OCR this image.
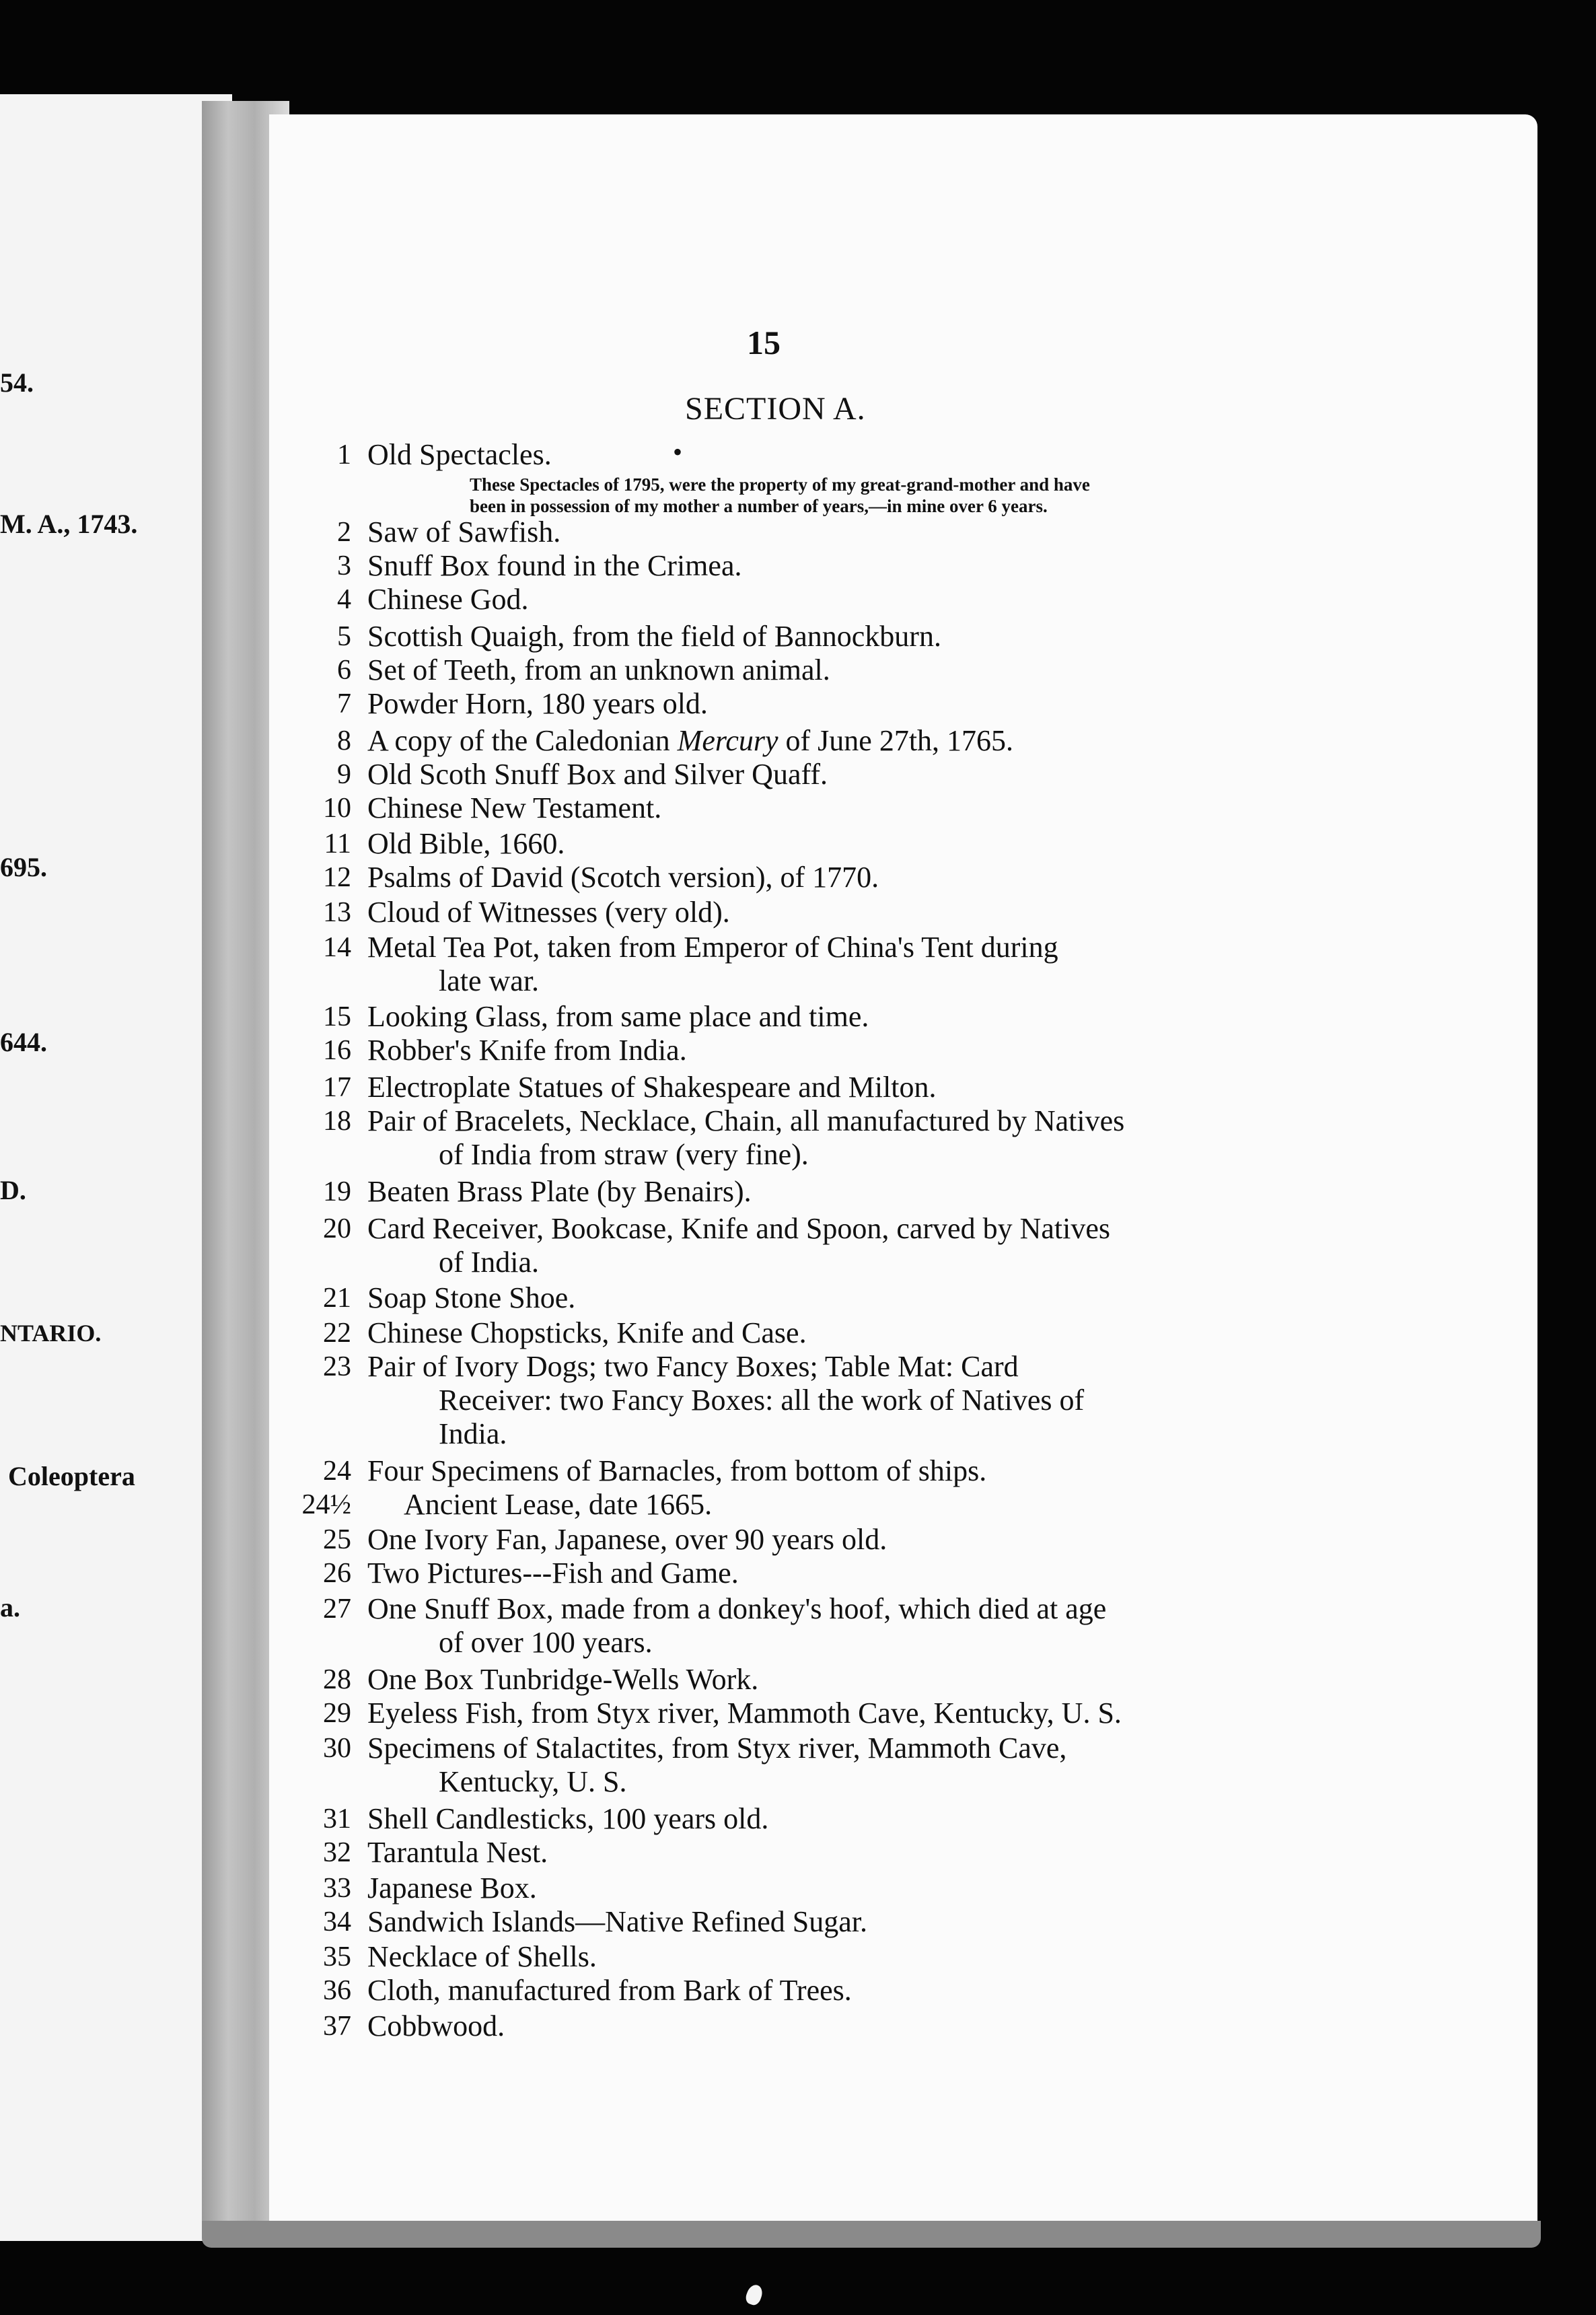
54.
M. A., 1743.
695.
644.
D.
NTARIO.
Coleoptera
a.
15
SECTION A.
1 Old Spectacles.
2 Saw of Sawfish.
3 Snuff Box found in the Crimea.
4 Chinese God.
5 Scottish Quaigh, from the field of Bannockburn.
6 Set of Teeth, from an unknown animal.
7 Powder Horn, 180 years old.
8 A copy of the Caledonian Mercury of June 27th, 1765.
9 Old Scoth Snuff Box and Silver Quaff.
10 Chinese New Testament.
11 Old Bible, 1660.
12 Psalms of David (Scotch version), of 1770.
13 Cloud of Witnesses (very old).
14 Metal Tea Pot, taken from Emperor of China's Tent during
late war.
15 Looking Glass, from same place and time.
16 Robber's Knife from India.
17 Electroplate Statues of Shakespeare and Milton.
18 Pair of Bracelets, Necklace, Chain, all manufactured by Natives
of India from straw (very fine).
19 Beaten Brass Plate (by Benairs).
20 Card Receiver, Bookcase, Knife and Spoon, carved by Natives
of India.
21 Soap Stone Shoe.
22 Chinese Chopsticks, Knife and Case.
23 Pair of Ivory Dogs; two Fancy Boxes; Table Mat: Card
Receiver: two Fancy Boxes: all the work of Natives of
India.
24 Four Specimens of Barnacles, from bottom of ships.
24½ Ancient Lease, date 1665.
25 One Ivory Fan, Japanese, over 90 years old.
26 Two Pictures---Fish and Game.
27 One Snuff Box, made from a donkey's hoof, which died at age
of over 100 years.
28 One Box Tunbridge-Wells Work.
29 Eyeless Fish, from Styx river, Mammoth Cave, Kentucky, U. S.
30 Specimens of Stalactites, from Styx river, Mammoth Cave,
Kentucky, U. S.
31 Shell Candlesticks, 100 years old.
32 Tarantula Nest.
33 Japanese Box.
34 Sandwich Islands—Native Refined Sugar.
35 Necklace of Shells.
36 Cloth, manufactured from Bark of Trees.
37 Cobbwood.
These Spectacles of 1795, were the property of my great-grand-mother and have
been in possession of my mother a number of years,—in mine over 6 years.
•
